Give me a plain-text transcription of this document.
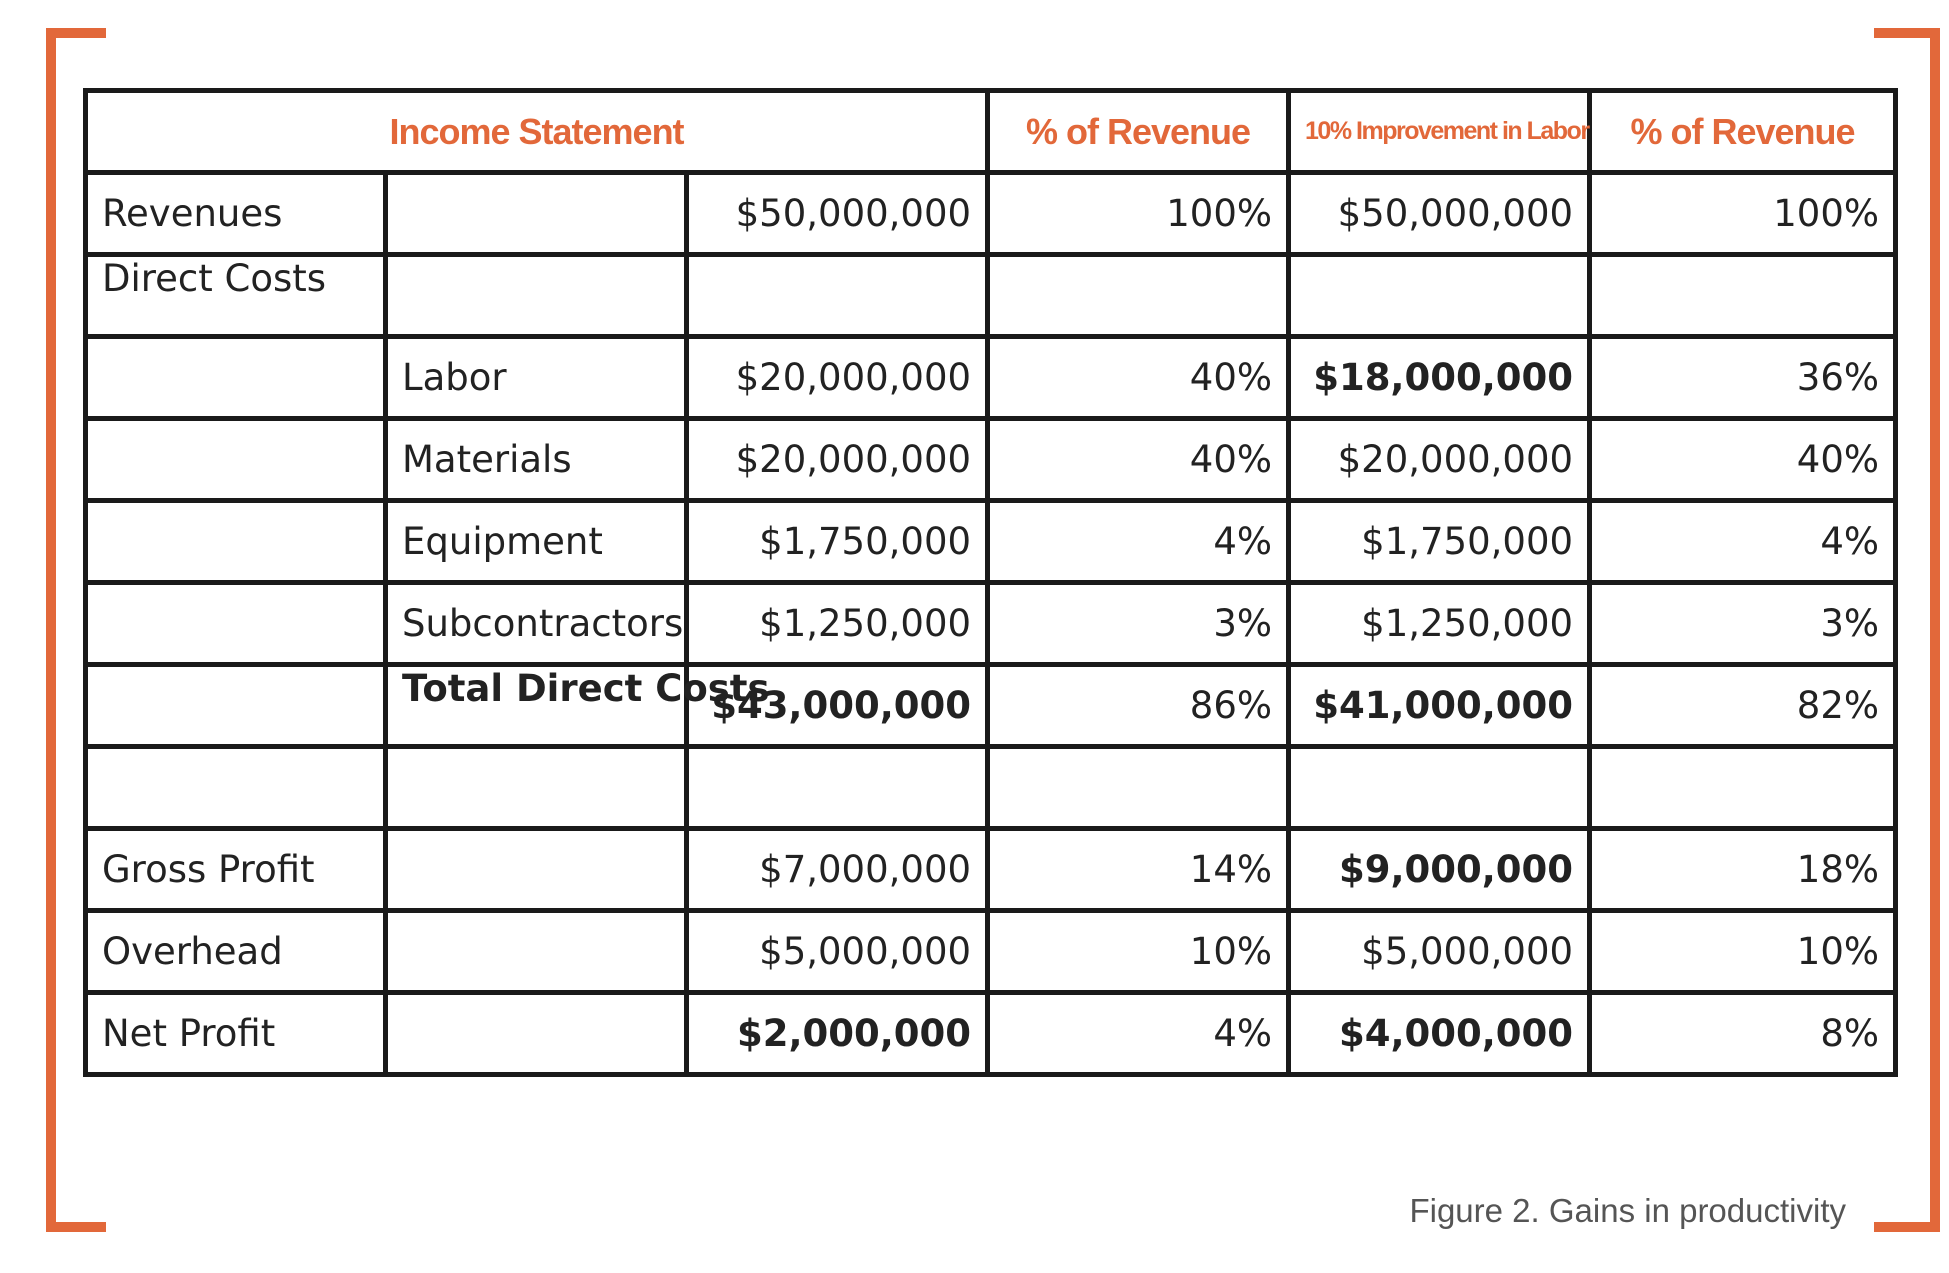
Income Statement			% of Revenue	10% Improvement in Labor	% of Revenue
Revenues		$50,000,000	100%	$50,000,000	100%
Direct Costs					
	Labor	$20,000,000	40%	$18,000,000	36%
	Materials	$20,000,000	40%	$20,000,000	40%
	Equipment	$1,750,000	4%	$1,750,000	4%
	Subcontractors	$1,250,000	3%	$1,250,000	3%
	Total Direct Costs	$43,000,000	86%	$41,000,000	82%

Gross Profit		$7,000,000	14%	$9,000,000	18%
Overhead		$5,000,000	10%	$5,000,000	10%
Net Profit		$2,000,000	4%	$4,000,000	8%
Figure 2. Gains in productivity
